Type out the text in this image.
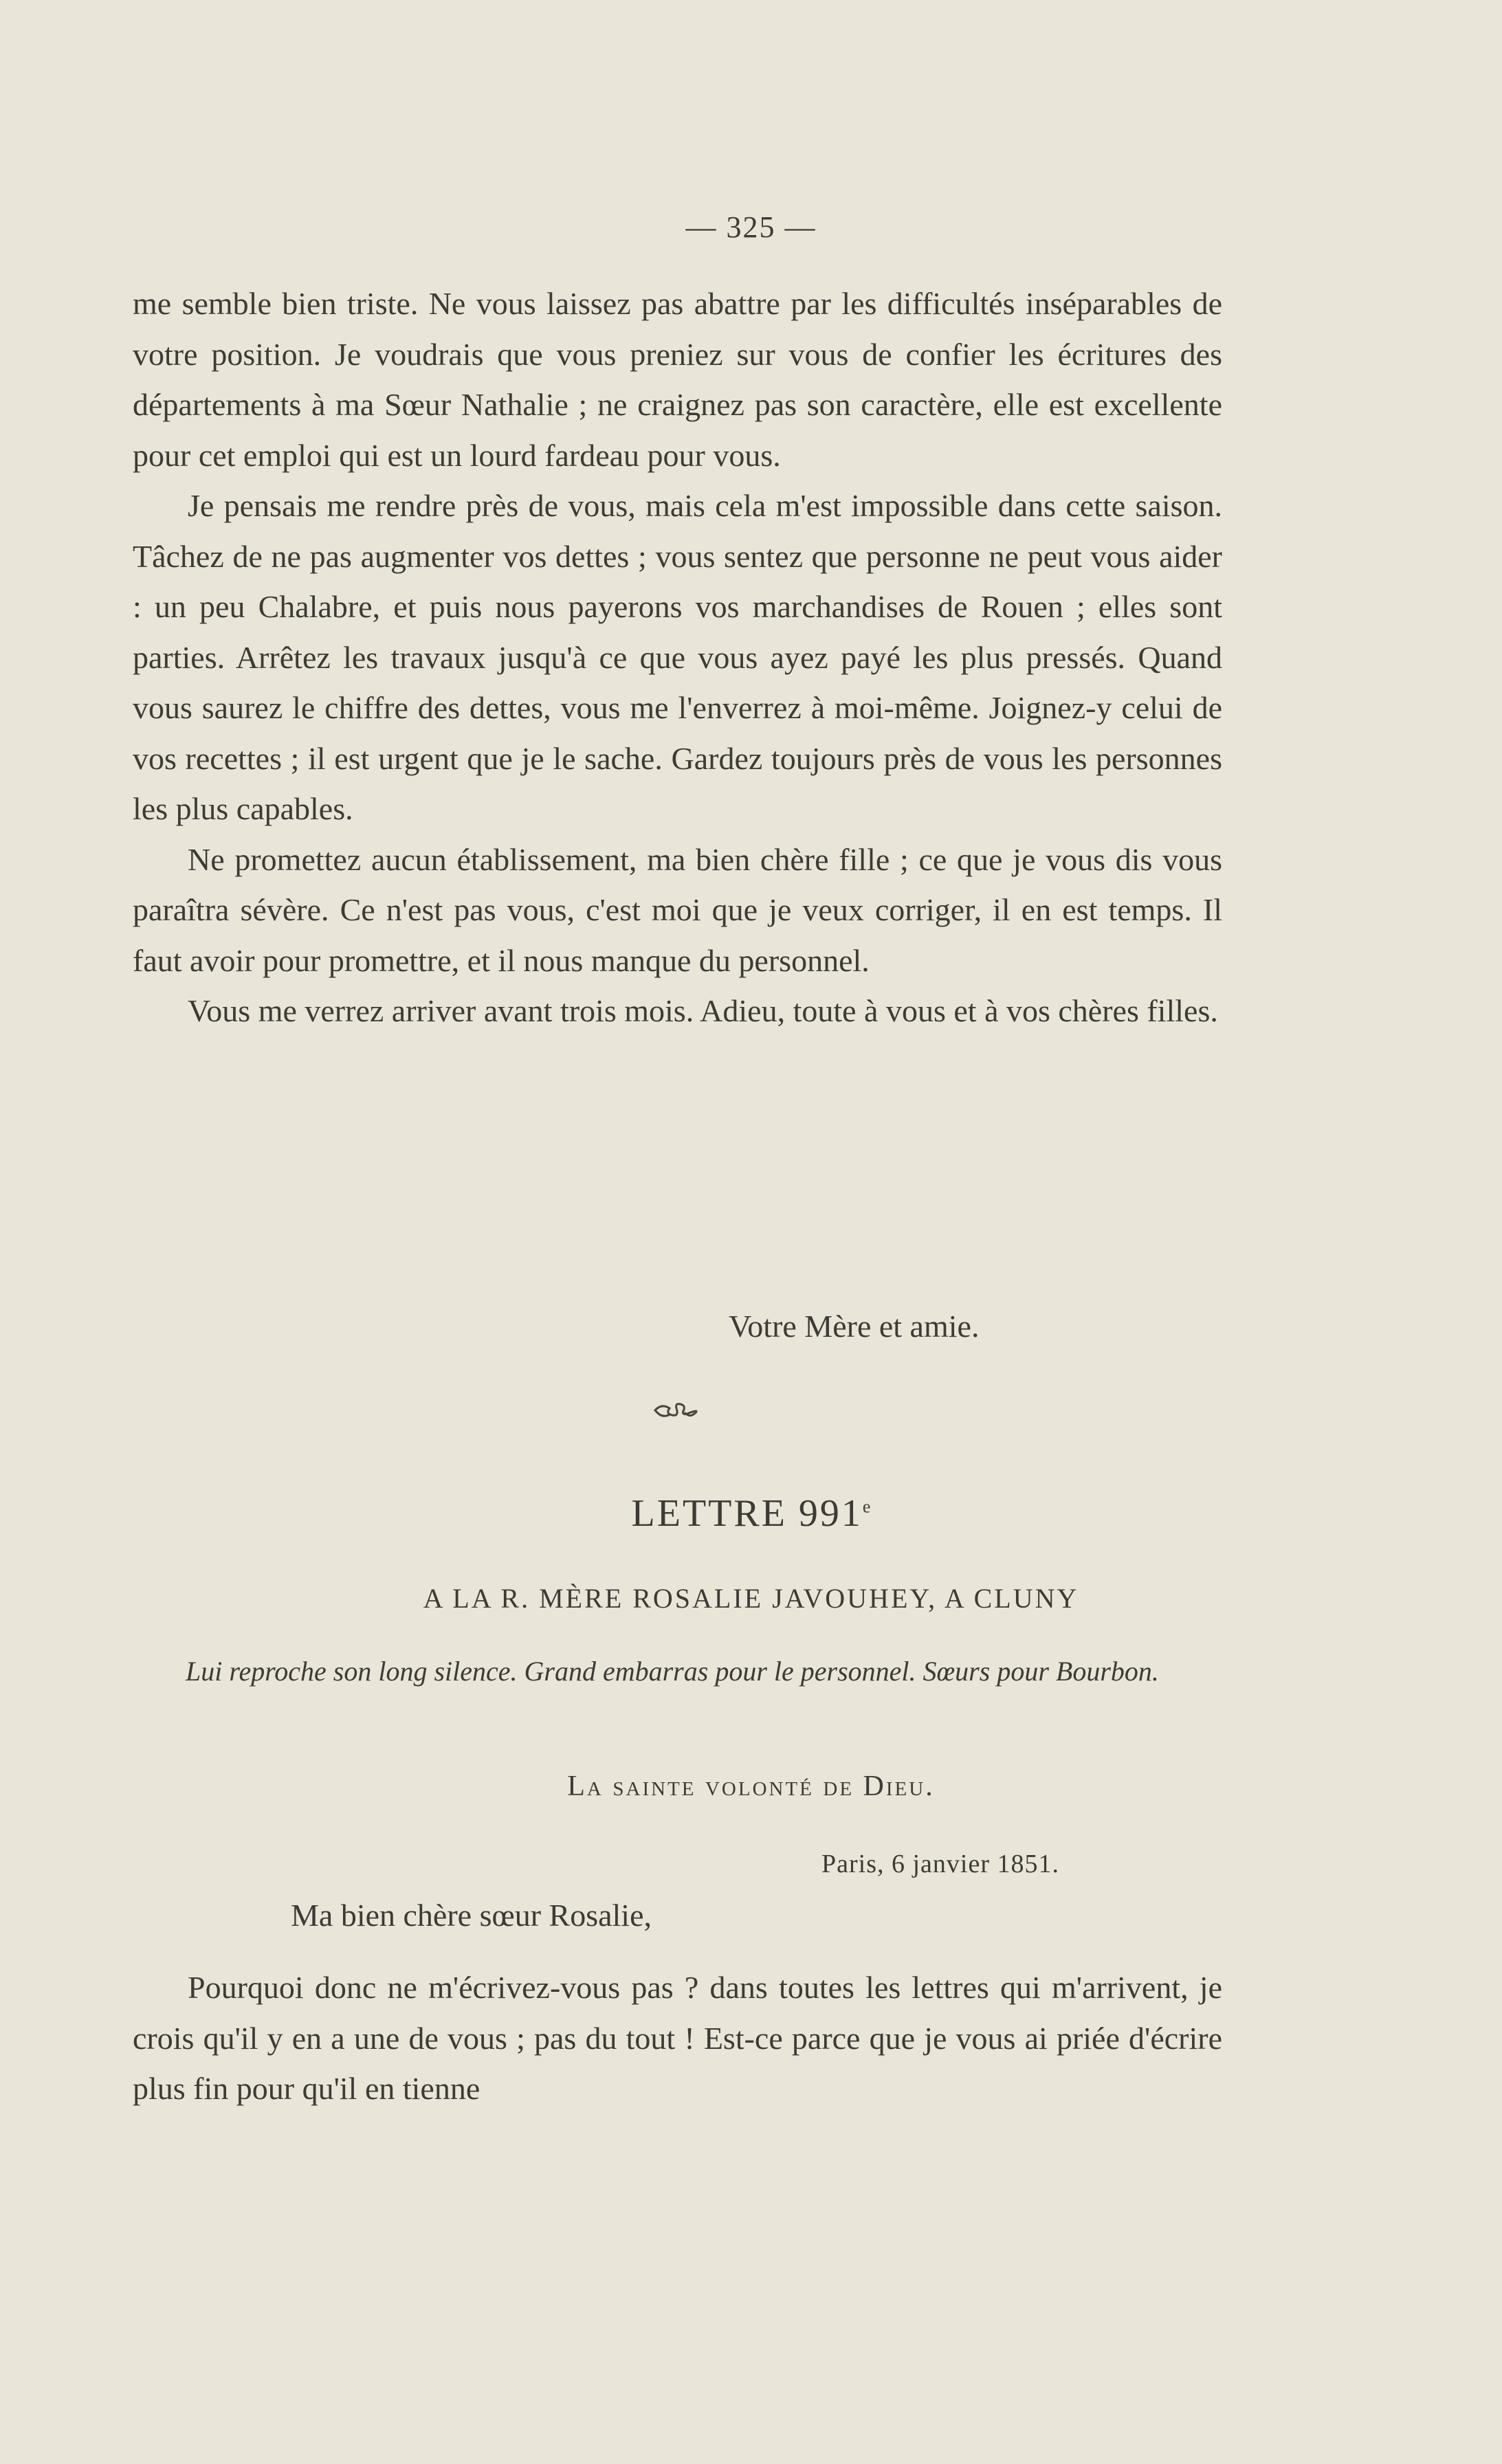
— 325 —

me semble bien triste. Ne vous laissez pas abattre par les difficultés inséparables de votre position. Je voudrais que vous preniez sur vous de confier les écritures des départements à ma Sœur Nathalie ; ne craignez pas son caractère, elle est excellente pour cet emploi qui est un lourd fardeau pour vous.

Je pensais me rendre près de vous, mais cela m'est impossible dans cette saison. Tâchez de ne pas augmenter vos dettes ; vous sentez que personne ne peut vous aider : un peu Chalabre, et puis nous payerons vos marchandises de Rouen ; elles sont parties. Arrêtez les travaux jusqu'à ce que vous ayez payé les plus pressés. Quand vous saurez le chiffre des dettes, vous me l'enverrez à moi-même. Joignez-y celui de vos recettes ; il est urgent que je le sache. Gardez toujours près de vous les personnes les plus capables.

Ne promettez aucun établissement, ma bien chère fille ; ce que je vous dis vous paraîtra sévère. Ce n'est pas vous, c'est moi que je veux corriger, il en est temps. Il faut avoir pour promettre, et il nous manque du personnel.

Vous me verrez arriver avant trois mois. Adieu, toute à vous et à vos chères filles.

Votre Mère et amie.
LETTRE 991e
A LA R. MÈRE ROSALIE JAVOUHEY, A CLUNY

Lui reproche son long silence. Grand embarras pour le personnel. Sœurs pour Bourbon.

La sainte volonté de Dieu.
Paris, 6 janvier 1851.
Ma bien chère sœur Rosalie,

Pourquoi donc ne m'écrivez-vous pas ? dans toutes les lettres qui m'arrivent, je crois qu'il y en a une de vous ; pas du tout ! Est-ce parce que je vous ai priée d'écrire plus fin pour qu'il en tienne
